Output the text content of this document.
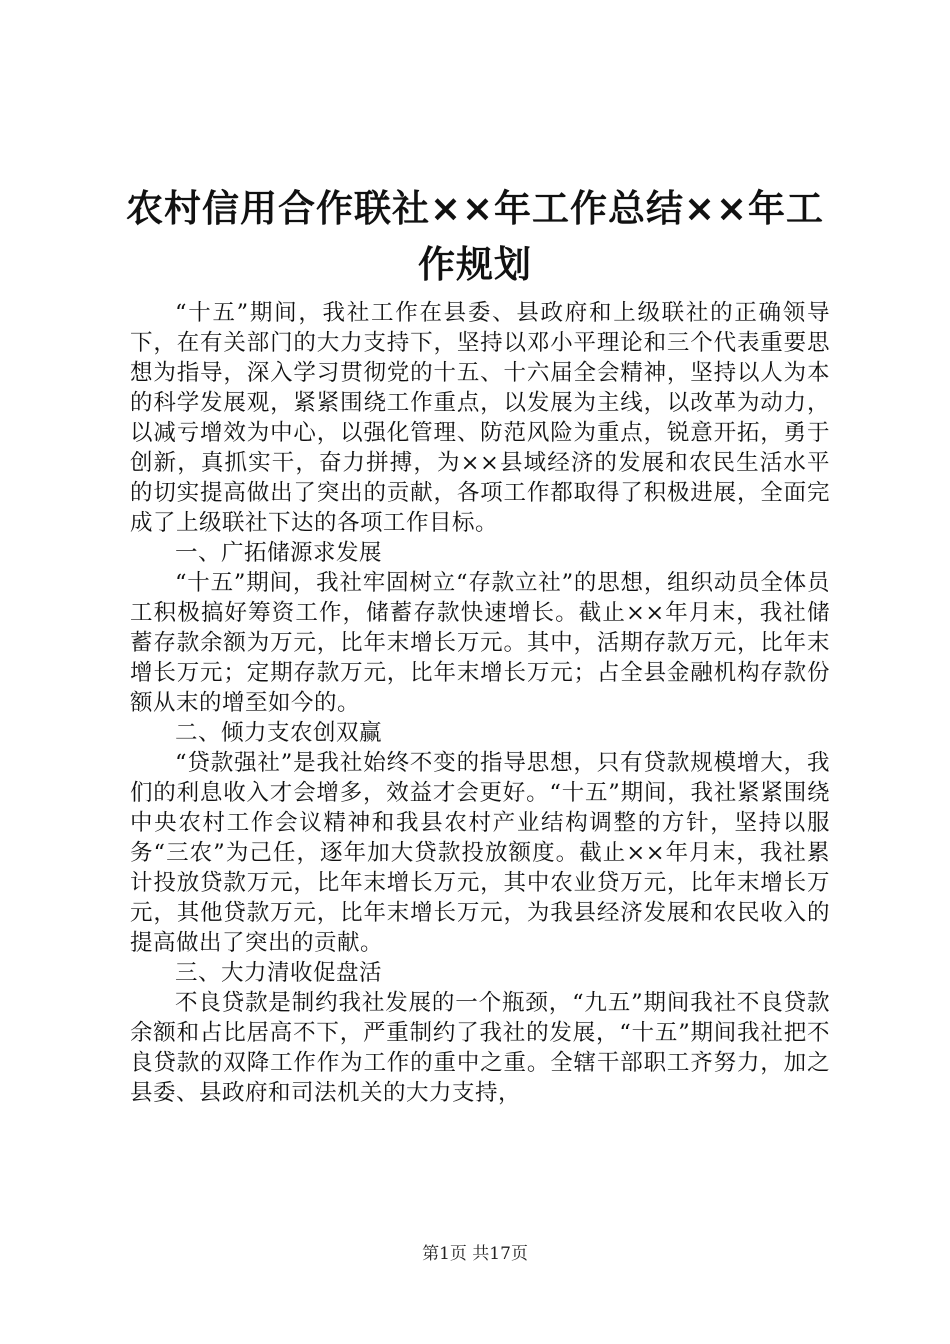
农村信用合作联社××年工作总结××年工作规划

“十五”期间，我社工作在县委、县政府和上级联社的正确领导下，在有关部门的大力支持下，坚持以邓小平理论和三个代表重要思想为指导，深入学习贯彻党的十五、十六届全会精神，坚持以人为本的科学发展观，紧紧围绕工作重点，以发展为主线，以改革为动力，以减亏增效为中心，以强化管理、防范风险为重点，锐意开拓，勇于创新，真抓实干，奋力拼搏，为××县域经济的发展和农民生活水平的切实提高做出了突出的贡献，各项工作都取得了积极进展，全面完成了上级联社下达的各项工作目标。

一、广拓储源求发展

“十五”期间，我社牢固树立“存款立社”的思想，组织动员全体员工积极搞好筹资工作，储蓄存款快速增长。截止××年月末，我社储蓄存款余额为万元，比年末增长万元。其中，活期存款万元，比年末增长万元；定期存款万元，比年末增长万元；占全县金融机构存款份额从末的增至如今的。

二、倾力支农创双赢

“贷款强社”是我社始终不变的指导思想，只有贷款规模增大，我们的利息收入才会增多，效益才会更好。“十五”期间，我社紧紧围绕中央农村工作会议精神和我县农村产业结构调整的方针，坚持以服务“三农”为己任，逐年加大贷款投放额度。截止××年月末，我社累计投放贷款万元，比年末增长万元，其中农业贷万元，比年末增长万元，其他贷款万元，比年末增长万元，为我县经济发展和农民收入的提高做出了突出的贡献。

三、大力清收促盘活

不良贷款是制约我社发展的一个瓶颈，“九五”期间我社不良贷款余额和占比居高不下，严重制约了我社的发展，“十五”期间我社把不良贷款的双降工作作为工作的重中之重。全辖干部职工齐努力，加之县委、县政府和司法机关的大力支持，

第1页 共17页
